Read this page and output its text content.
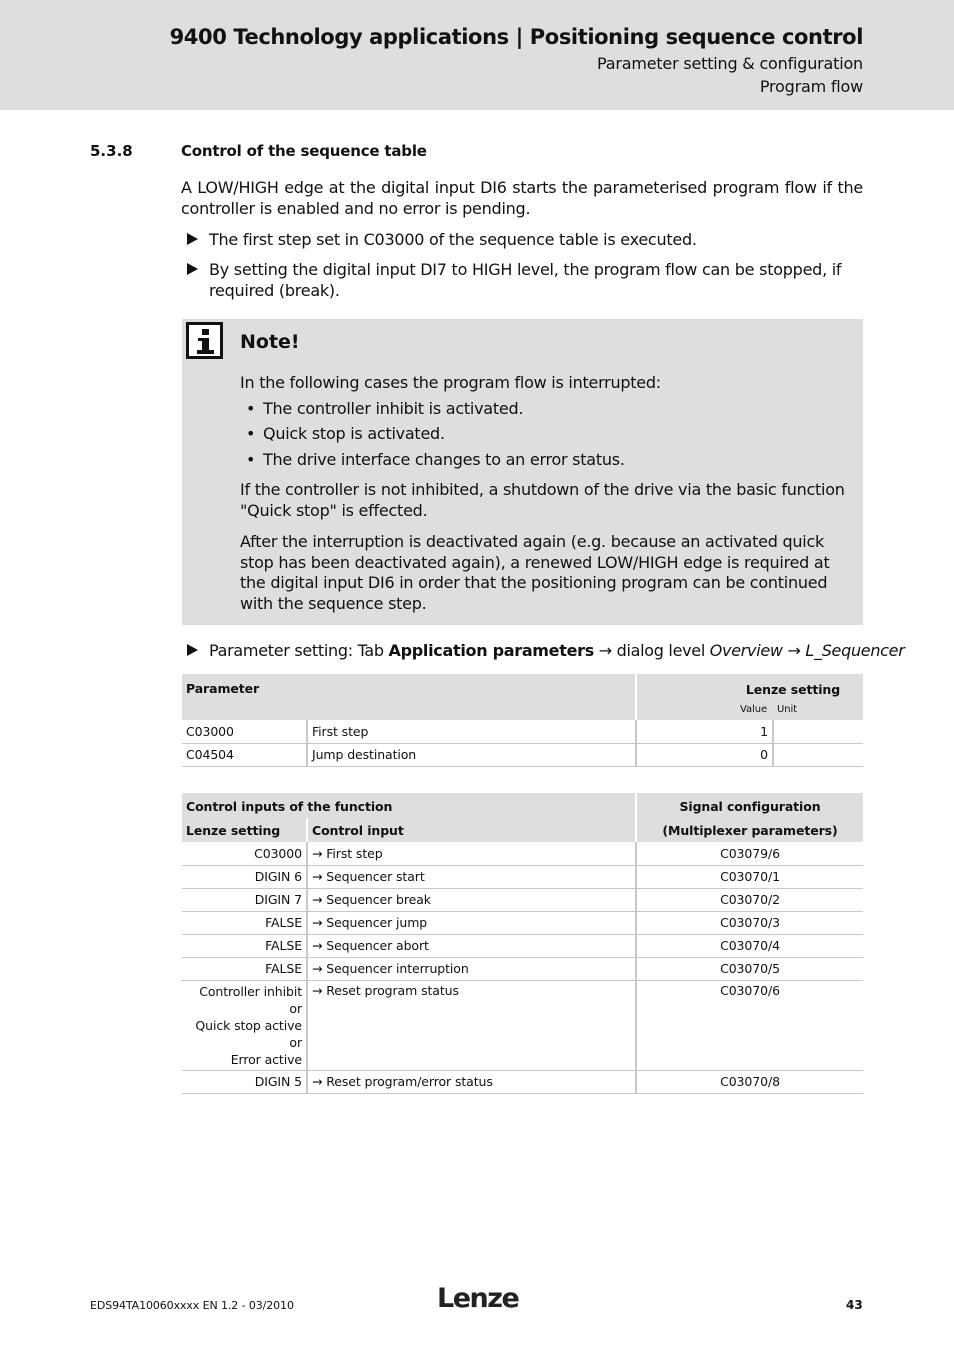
9400 Technology applications | Positioning sequence control
Parameter setting & configuration
Program flow
5.3.8	Control of the sequence table
A LOW/HIGH edge at the digital input DI6 starts the parameterised program flow if the controller is enabled and no error is pending.
The first step set in C03000 of the sequence table is executed.
By setting the digital input DI7 to HIGH level, the program flow can be stopped, if required (break).
Note!
In the following cases the program flow is interrupted:
• The controller inhibit is activated.
• Quick stop is activated.
• The drive interface changes to an error status.
If the controller is not inhibited, a shutdown of the drive via the basic function "Quick stop" is effected.
After the interruption is deactivated again (e.g. because an activated quick stop has been deactivated again), a renewed LOW/HIGH edge is required at the digital input DI6 in order that the positioning program can be continued with the sequence step.
Parameter setting: Tab Application parameters → dialog level Overview → L_Sequencer
Parameter		Lenze setting	
		Value	Unit
C03000	First step	1	
C04504	Jump destination	0	
Control inputs of the function		Signal configuration
Lenze setting	Control input	(Multiplexer parameters)
C03000	→ First step	C03079/6
DIGIN 6	→ Sequencer start	C03070/1
DIGIN 7	→ Sequencer break	C03070/2
FALSE	→ Sequencer jump	C03070/3
FALSE	→ Sequencer abort	C03070/4
FALSE	→ Sequencer interruption	C03070/5

Controller inhibit
or
Quick stop active
or
Error active	→ Reset program status	C03070/6
DIGIN 5	→ Reset program/error status	C03070/8
EDS94TA10060xxxx EN 1.2 - 03/2010	Lenze	43
